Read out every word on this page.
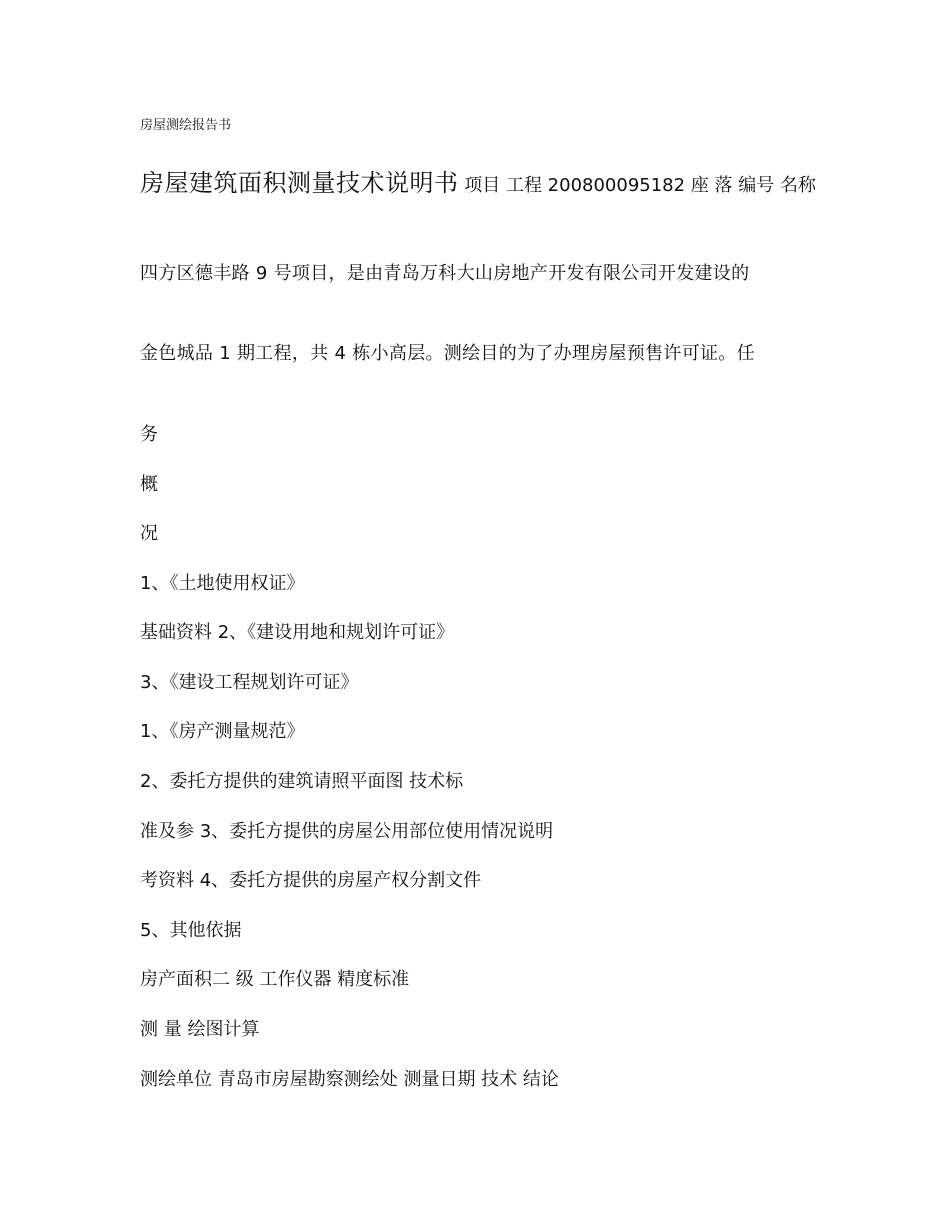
房屋测绘报告书
房屋建筑面积测量技术说明书 项目 工程 200800095182 座 落 编号 名称
四方区德丰路 9 号项目，是由青岛万科大山房地产开发有限公司开发建设的
金色城品 1 期工程，共 4 栋小高层。测绘目的为了办理房屋预售许可证。任
务
概
况
1、《土地使用权证》
基础资料 2、《建设用地和规划许可证》
3、《建设工程规划许可证》
1、《房产测量规范》
2、委托方提供的建筑请照平面图 技术标
准及参 3、委托方提供的房屋公用部位使用情况说明
考资料 4、委托方提供的房屋产权分割文件
5、其他依据
房产面积二 级 工作仪器 精度标准
测 量 绘图计算
测绘单位 青岛市房屋勘察测绘处 测量日期 技术 结论
